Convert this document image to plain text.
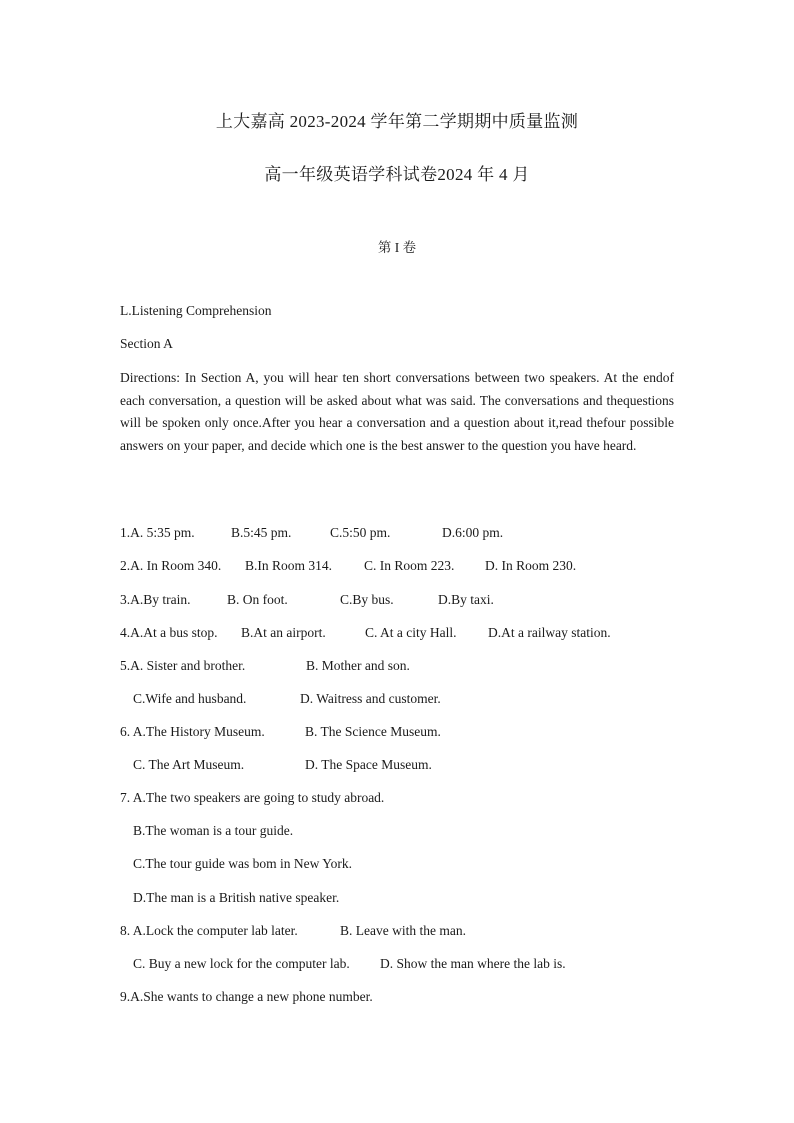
上大嘉高 2023-2024 学年第二学期期中质量监测
高一年级英语学科试卷2024 年 4 月
第 I 卷
L.Listening Comprehension
Section A
Directions: In Section A, you will hear ten short conversations between two speakers. At the endof each conversation, a question will be asked about what was said. The conversations and thequestions will be spoken only once.After you hear a conversation and a question about it,read thefour possible answers on your paper, and decide which one is the best answer to the question you have heard.
1.A. 5:35 pm.	B.5:45 pm.	C.5:50 pm.	D.6:00 pm.
2.A. In Room 340. B.In Room 314. C. In Room 223. D. In Room 230.
3.A.By train.	B. On foot.	C.By bus.	D.By taxi.
4.A.At a bus stop. B.At an airport.	C. At a city Hall. D.At a railway station.
5.A. Sister and brother.	B. Mother and son.
C.Wife and husband.	D. Waitress and customer.
6. A.The History Museum.	B. The Science Museum.
C. The Art Museum.	D. The Space Museum.
7. A.The two speakers are going to study abroad.
B.The woman is a tour guide.
C.The tour guide was bom in New York.
D.The man is a British native speaker.
8. A.Lock the computer lab later.	B. Leave with the man.
C. Buy a new lock for the computer lab. D. Show the man where the lab is.
9.A.She wants to change a new phone number.
